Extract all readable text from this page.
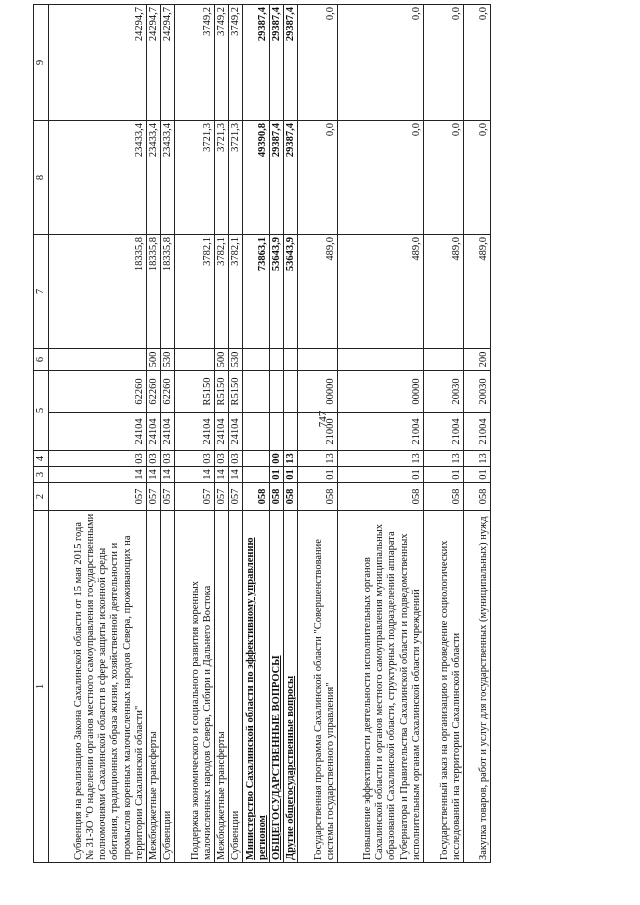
747
1	2	3	4	5		6	7	8	9
Субвенция на реализацию Закона Сахалинской области от 15 мая 2015 года № 31-ЗО "О наделении органов местного самоуправления государственными полномочиями Сахалинской области в сфере защиты исконной среды обитания, традиционных образа жизни, хозяйственной деятельности и промыслов коренных малочисленных народов Севера, проживающих на территории Сахалинской области"	057	14	03	24104	62260		18335,8	23433,4	24294,7
Межбюджетные трансферты	057	14	03	24104	62260	500	18335,8	23433,4	24294,7
Субвенции	057	14	03	24104	62260	530	18335,8	23433,4	24294,7
Поддержка экономического и социального развития коренных малочисленных народов Севера, Сибири и Дальнего Востока	057	14	03	24104	R5150		3782,1	3721,3	3749,2
Межбюджетные трансферты	057	14	03	24104	R5150	500	3782,1	3721,3	3749,2
Субвенции	057	14	03	24104	R5150	530	3782,1	3721,3	3749,2
Министерство Сахалинской области по эффективному управлению регионом	058						73863,1	49390,8	29387,4
ОБЩЕГОСУДАРСТВЕННЫЕ ВОПРОСЫ	058	01	00				53643,9	29387,4	29387,4
Другие общегосударственные вопросы	058	01	13				53643,9	29387,4	29387,4
Государственная программа Сахалинской области "Совершенствование системы государственного управления"	058	01	13	21000	00000		489,0	0,0	0,0
Повышение эффективности деятельности исполнительных органов Сахалинской области и органов местного самоуправления муниципальных образований Сахалинской области, структурных подразделений аппарата Губернатора и Правительства Сахалинской области и подведомственных исполнительным органам Сахалинской области учреждений	058	01	13	21004	00000		489,0	0,0	0,0
Государственный заказ на организацию и проведение социологических исследований на территории Сахалинской области	058	01	13	21004	20030		489,0	0,0	0,0
Закупка товаров, работ и услуг для государственных (муниципальных) нужд	058	01	13	21004	20030	200	489,0	0,0	0,0
